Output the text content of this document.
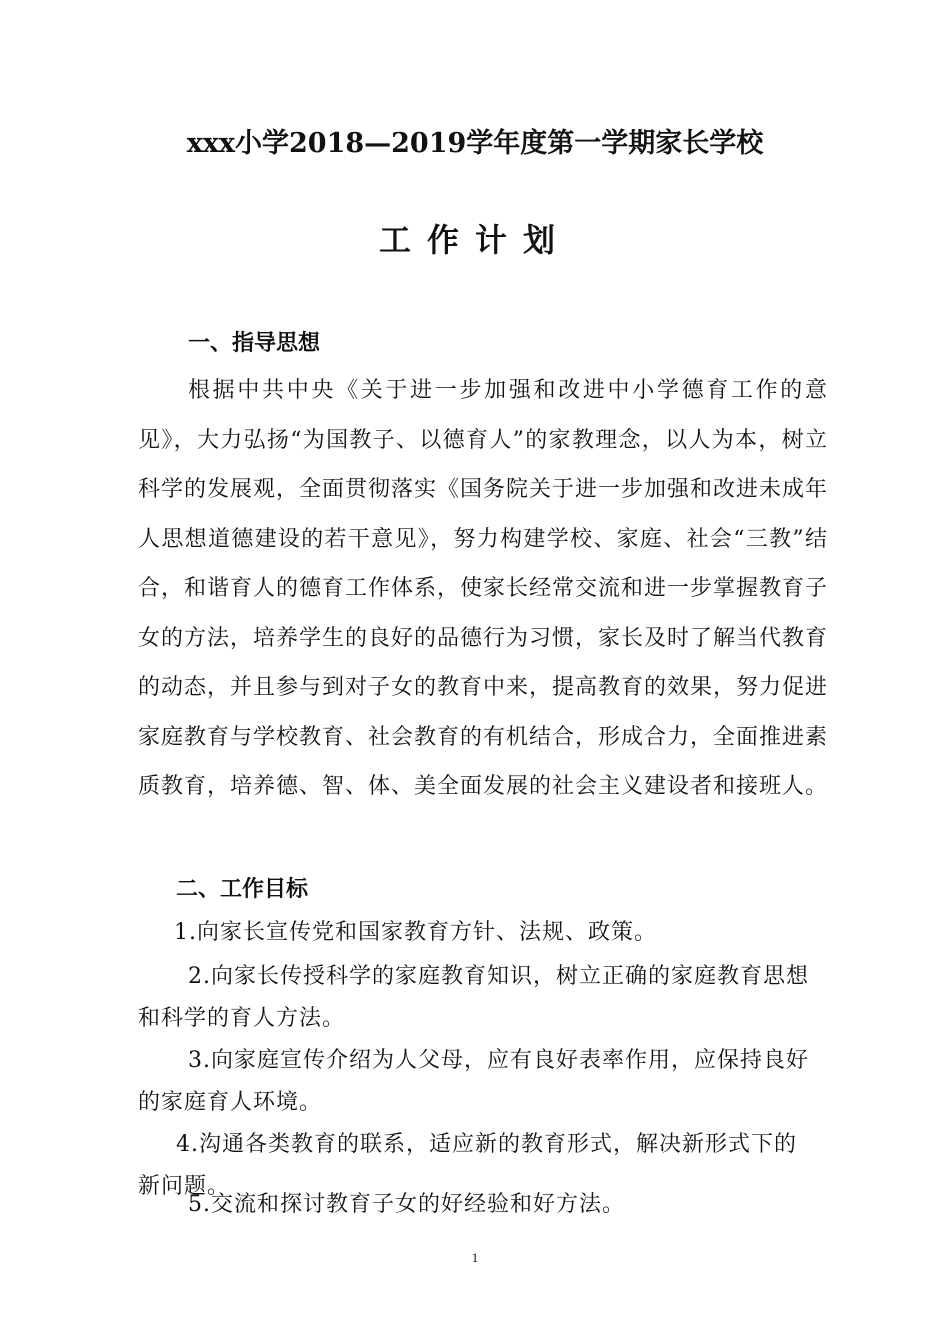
xxx小学2018—2019学年度第一学期家长学校
工作计划
一、指导思想
根据中共中央《关于进一步加强和改进中小学德育工作的意见》，大力弘扬“为国教子、以德育人”的家教理念，以人为本，树立科学的发展观，全面贯彻落实《国务院关于进一步加强和改进未成年人思想道德建设的若干意见》，努力构建学校、家庭、社会“三教”结合，和谐育人的德育工作体系，使家长经常交流和进一步掌握教育子女的方法，培养学生的良好的品德行为习惯，家长及时了解当代教育的动态，并且参与到对子女的教育中来，提高教育的效果，努力促进家庭教育与学校教育、社会教育的有机结合，形成合力，全面推进素质教育，培养德、智、体、美全面发展的社会主义建设者和接班人。
二、工作目标
1.向家长宣传党和国家教育方针、法规、政策。
2.向家长传授科学的家庭教育知识，树立正确的家庭教育思想和科学的育人方法。
3.向家庭宣传介绍为人父母，应有良好表率作用，应保持良好的家庭育人环境。
4.沟通各类教育的联系，适应新的教育形式，解决新形式下的新问题。
5.交流和探讨教育子女的好经验和好方法。
1
